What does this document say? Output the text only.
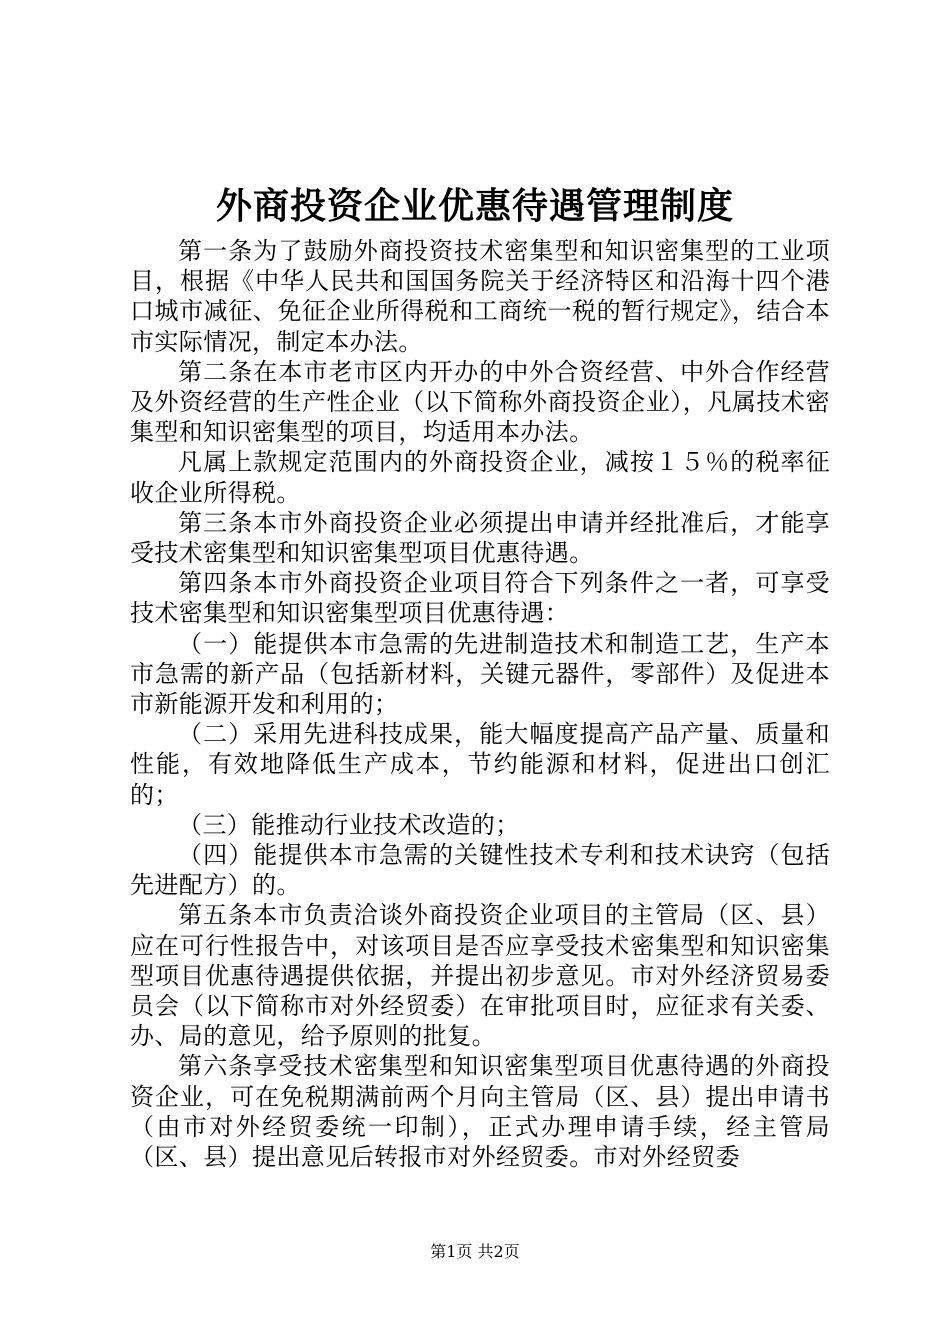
外商投资企业优惠待遇管理制度

第一条为了鼓励外商投资技术密集型和知识密集型的工业项目，根据《中华人民共和国国务院关于经济特区和沿海十四个港口城市减征、免征企业所得税和工商统一税的暂行规定》，结合本市实际情况，制定本办法。

第二条在本市老市区内开办的中外合资经营、中外合作经营及外资经营的生产性企业（以下简称外商投资企业），凡属技术密集型和知识密集型的项目，均适用本办法。

凡属上款规定范围内的外商投资企业，减按１５％的税率征收企业所得税。

第三条本市外商投资企业必须提出申请并经批准后，才能享受技术密集型和知识密集型项目优惠待遇。

第四条本市外商投资企业项目符合下列条件之一者，可享受技术密集型和知识密集型项目优惠待遇：

（一）能提供本市急需的先进制造技术和制造工艺，生产本市急需的新产品（包括新材料，关键元器件，零部件）及促进本市新能源开发和利用的；

（二）采用先进科技成果，能大幅度提高产品产量、质量和性能，有效地降低生产成本，节约能源和材料，促进出口创汇的；

（三）能推动行业技术改造的；

（四）能提供本市急需的关键性技术专利和技术诀窍（包括先进配方）的。

第五条本市负责洽谈外商投资企业项目的主管局（区、县）应在可行性报告中，对该项目是否应享受技术密集型和知识密集型项目优惠待遇提供依据，并提出初步意见。市对外经济贸易委员会（以下简称市对外经贸委）在审批项目时，应征求有关委、办、局的意见，给予原则的批复。

第六条享受技术密集型和知识密集型项目优惠待遇的外商投资企业，可在免税期满前两个月向主管局（区、县）提出申请书（由市对外经贸委统一印制），正式办理申请手续，经主管局（区、县）提出意见后转报市对外经贸委。市对外经贸委

第1页 共2页
